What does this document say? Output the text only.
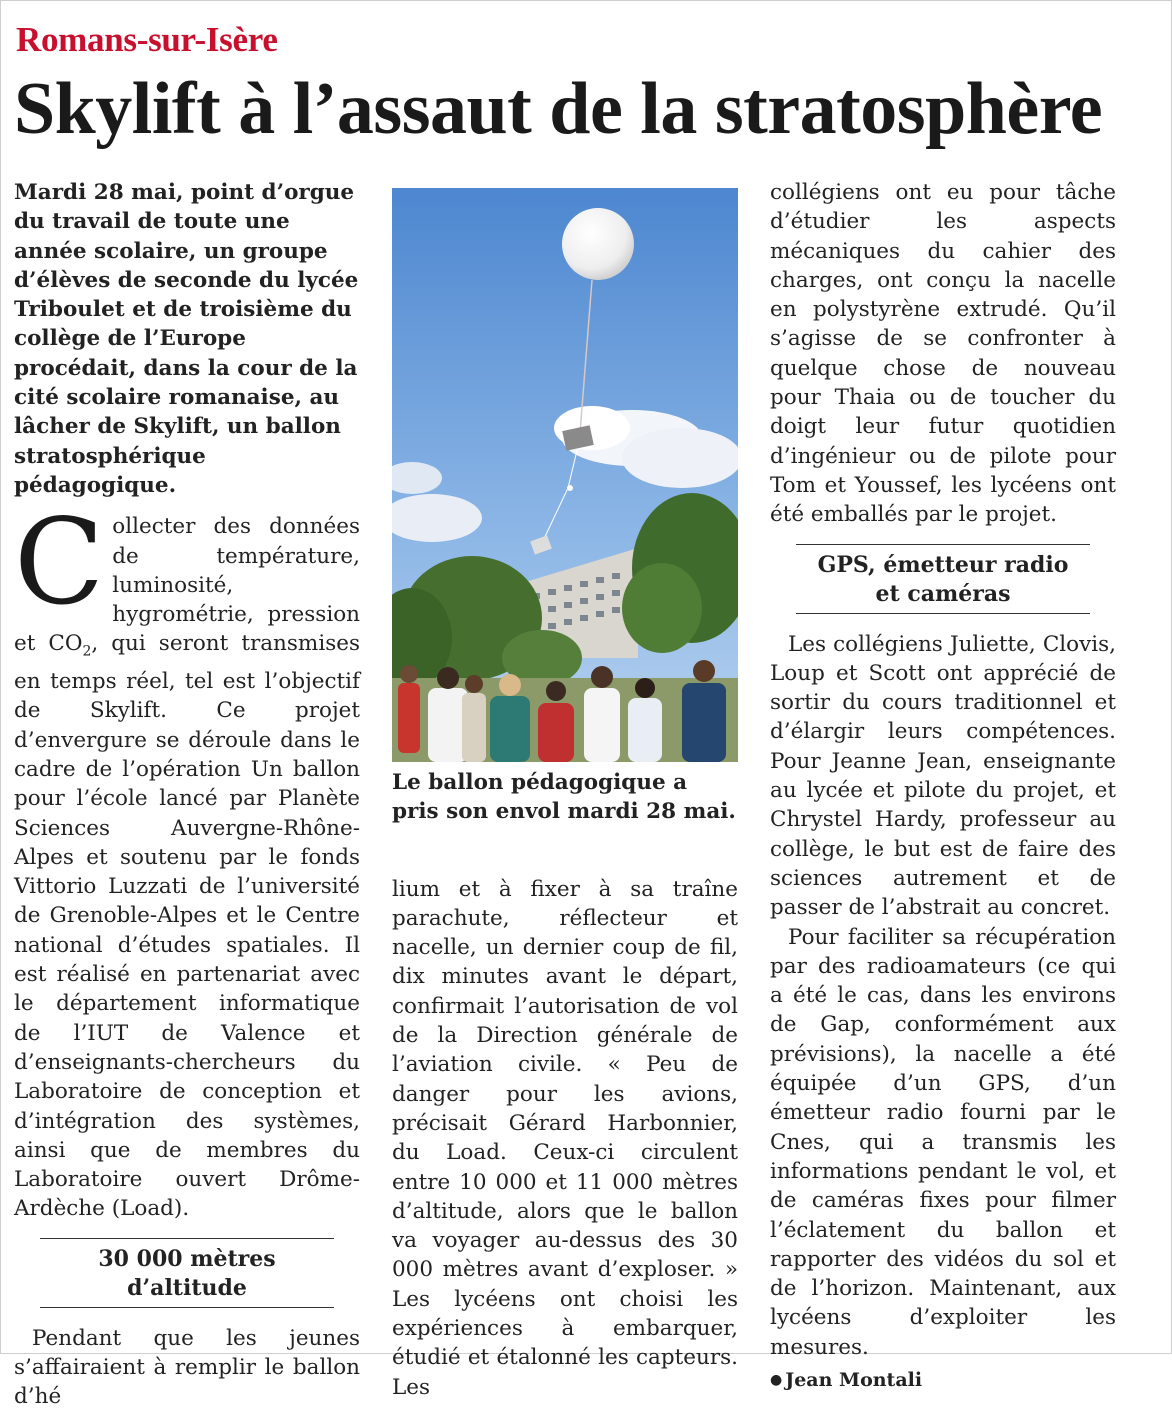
Romans-sur-Isère
Skylift à l’assaut de la stratosphère

Mardi 28 mai, point d’orgue du travail de toute une année scolaire, un groupe d’élèves de seconde du lycée Triboulet et de troisième du collège de l’Europe procédait, dans la cour de la cité scolaire romanaise, au lâcher de Skylift, un ballon stratosphérique pédagogique.

Collecter des données de température, luminosité, hygrométrie, pression et $CO_2$, qui seront transmises en temps réel, tel est l’objectif de Skylift. Ce projet d’envergure se déroule dans le cadre de l’opération Un ballon pour l’école lancé par Planète Sciences Auvergne-Rhône-Alpes et soutenu par le fonds Vittorio Luzzati de l’université de Grenoble-Alpes et le Centre national d’études spatiales. Il est réalisé en partenariat avec le département informatique de l’IUT de Valence et d’enseignants-chercheurs du Laboratoire de conception et d’intégration des systèmes, ainsi que de membres du Laboratoire ouvert Drôme-Ardèche (Load).

30 000 mètres
d’altitude

Pendant que les jeunes s’affairaient à remplir le ballon d’hé

Le ballon pédagogique a pris son envol mardi 28 mai.

lium et à fixer à sa traîne parachute, réflecteur et nacelle, un dernier coup de fil, dix minutes avant le départ, confirmait l’autorisation de vol de la Direction générale de l’aviation civile. « Peu de danger pour les avions, précisait Gérard Harbonnier, du Load. Ceux-ci circulent entre 10 000 et 11 000 mètres d’altitude, alors que le ballon va voyager au-dessus des 30 000 mètres avant d’exploser. » Les lycéens ont choisi les expériences à embarquer, étudié et étalonné les capteurs. Les

collégiens ont eu pour tâche d’étudier les aspects mécaniques du cahier des charges, ont conçu la nacelle en polystyrène extrudé. Qu’il s’agisse de se confronter à quelque chose de nouveau pour Thaia ou de toucher du doigt leur futur quotidien d’ingénieur ou de pilote pour Tom et Youssef, les lycéens ont été emballés par le projet.

GPS, émetteur radio
et caméras

Les collégiens Juliette, Clovis, Loup et Scott ont apprécié de sortir du cours traditionnel et d’élargir leurs compétences. Pour Jeanne Jean, enseignante au lycée et pilote du projet, et Chrystel Hardy, professeur au collège, le but est de faire des sciences autrement et de passer de l’abstrait au concret.

Pour faciliter sa récupération par des radioamateurs (ce qui a été le cas, dans les environs de Gap, conformément aux prévisions), la nacelle a été équipée d’un GPS, d’un émetteur radio fourni par le Cnes, qui a transmis les informations pendant le vol, et de caméras fixes pour filmer l’éclatement du ballon et rapporter des vidéos du sol et de l’horizon. Maintenant, aux lycéens d’exploiter les mesures.

● Jean Montali
